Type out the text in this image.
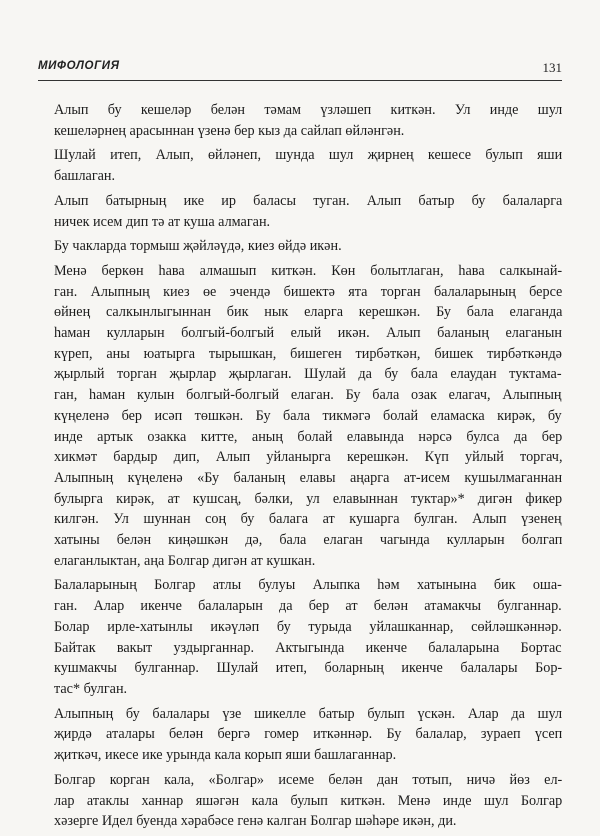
МИФОЛОГИЯ	131

Алып бу кешеләр белән тәмам үзләшеп киткән. Ул инде шул
кешеләрнең арасыннан үзенә бер кыз да сайлап өйләнгән.

Шулай итеп, Алып, өйләнеп, шунда шул җирнең кешесе булып яши
башлаган.

Алып батырның ике ир баласы туган. Алып батыр бу балаларга
ничек исем дип тә ат куша алмаган.

Бу чакларда тормыш җәйләүдә, киез өйдә икән.

Менә беркөн һава алмашып киткән. Көн болытлаган, һава салкынай-
ган. Алыпның киез өе эчендә бишектә ята торган балаларының берсе
өйнең салкынлыгыннан бик нык еларга керешкән. Бу бала елаганда
һаман кулларын болгый-болгый елый икән. Алып баланың елаганын
күреп, аны юатырга тырышкан, бишеген тирбәткән, бишек тирбәткәндә
җырлый торган җырлар җырлаган. Шулай да бу бала елаудан туктама-
ган, һаман кулын болгый-болгый елаган. Бу бала озак елагач, Алыпның
күңеленә бер исәп төшкән. Бу бала тикмәгә болай еламаска кирәк, бу
инде артык озакка китте, аның болай елавында нәрсә булса да бер
хикмәт бардыр дип, Алып уйланырга керешкән. Күп уйлый торгач,
Алыпның күңеленә «Бу баланың елавы аңарга ат-исем кушылмаганнан
булырга кирәк, ат кушсаң, бәлки, ул елавыннан туктар»* дигән фикер
килгән. Ул шуннан соң бу балага ат кушарга булган. Алып үзенең
хатыны белән киңәшкән дә, бала елаган чагында кулларын болгап
елаганлыктан, аңа Болгар дигән ат кушкан.

Балаларының Болгар атлы булуы Алыпка һәм хатынына бик оша-
ган. Алар икенче балаларын да бер ат белән атамакчы булганнар.
Болар ирле-хатынлы икәүләп бу турыда уйлашканнар, сөйләшкәннәр.
Байтак вакыт уздырганнар. Актыгында икенче балаларына Бортас
кушмакчы булганнар. Шулай итеп, боларның икенче балалары Бор-
тас* булган.

Алыпның бу балалары үзе шикелле батыр булып үскән. Алар да шул
җирдә аталары белән бергә гомер иткәннәр. Бу балалар, зураеп үсеп
җиткәч, икесе ике урында кала корып яши башлаганнар.

Болгар корган кала, «Болгар» исеме белән дан тотып, ничә йөз ел-
лар атаклы ханнар яшәгән кала булып киткән. Менә инде шул Болгар
хәзерге Идел буенда хәрабәсе генә калган Болгар шәһәре икән, ди.
